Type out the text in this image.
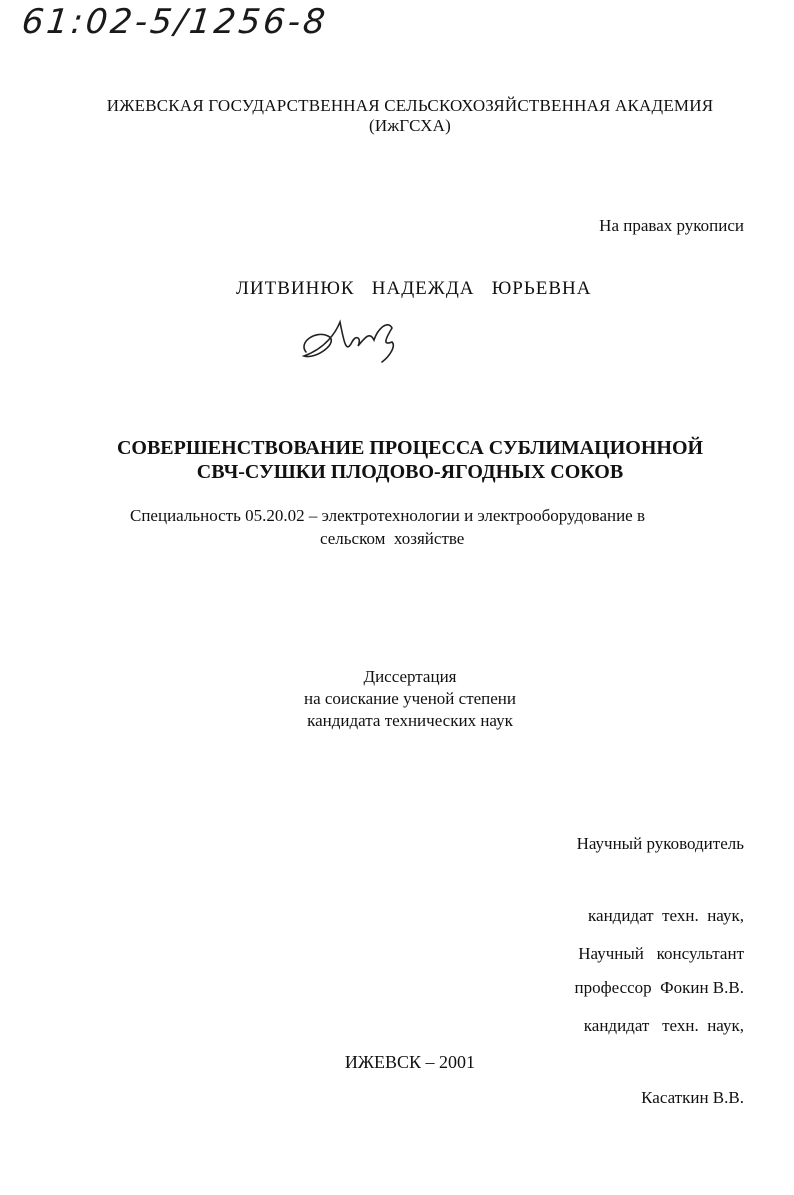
61:02-5/1256-8
ИЖЕВСКАЯ ГОСУДАРСТВЕННАЯ СЕЛЬСКОХОЗЯЙСТВЕННАЯ АКАДЕМИЯ
(ИжГСХА)
На правах рукописи
ЛИТВИНЮК   НАДЕЖДА   ЮРЬЕВНА
СОВЕРШЕНСТВОВАНИЕ ПРОЦЕССА СУБЛИМАЦИОННОЙ
СВЧ-СУШКИ ПЛОДОВО-ЯГОДНЫХ СОКОВ
Специальность 05.20.02 – электротехнологии и электрооборудование в
сельском  хозяйстве
Диссертация
на соискание ученой степени
кандидата технических наук

Научный руководитель

кандидат  техн.  наук,

профессор  Фокин В.В.

Научный   консультант

кандидат   техн.  наук,

Касаткин В.В.

ИЖЕВСК – 2001
